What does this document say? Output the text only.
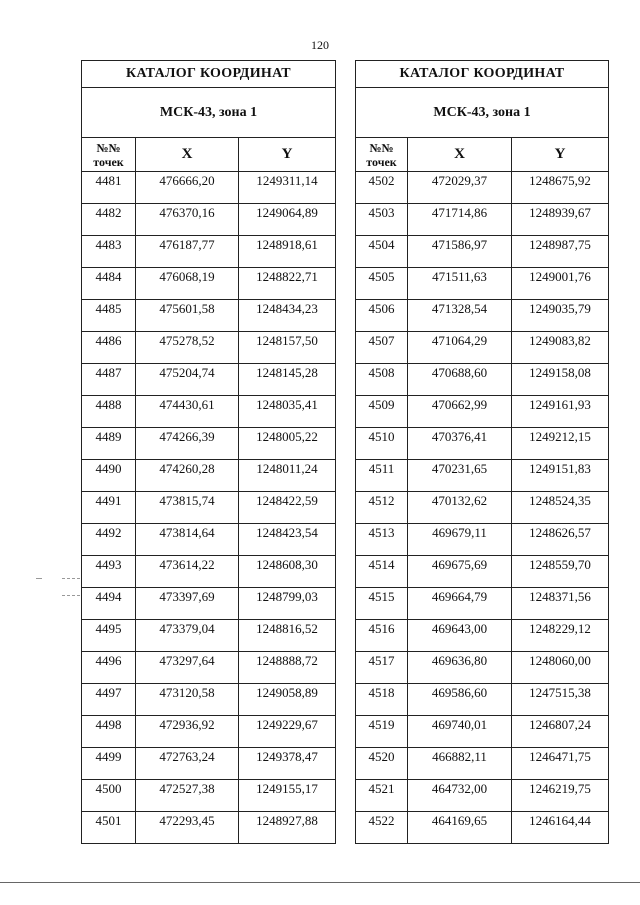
120
КАТАЛОГ КООРДИНАТ		
МСК-43, зона 1		
№№
точек	X	Y
4481	476666,20	1249311,14
4482	476370,16	1249064,89
4483	476187,77	1248918,61
4484	476068,19	1248822,71
4485	475601,58	1248434,23
4486	475278,52	1248157,50
4487	475204,74	1248145,28
4488	474430,61	1248035,41
4489	474266,39	1248005,22
4490	474260,28	1248011,24
4491	473815,74	1248422,59
4492	473814,64	1248423,54
4493	473614,22	1248608,30
4494	473397,69	1248799,03
4495	473379,04	1248816,52
4496	473297,64	1248888,72
4497	473120,58	1249058,89
4498	472936,92	1249229,67
4499	472763,24	1249378,47
4500	472527,38	1249155,17
4501	472293,45	1248927,88
КАТАЛОГ КООРДИНАТ		
МСК-43, зона 1		
№№
точек	X	Y
4502	472029,37	1248675,92
4503	471714,86	1248939,67
4504	471586,97	1248987,75
4505	471511,63	1249001,76
4506	471328,54	1249035,79
4507	471064,29	1249083,82
4508	470688,60	1249158,08
4509	470662,99	1249161,93
4510	470376,41	1249212,15
4511	470231,65	1249151,83
4512	470132,62	1248524,35
4513	469679,11	1248626,57
4514	469675,69	1248559,70
4515	469664,79	1248371,56
4516	469643,00	1248229,12
4517	469636,80	1248060,00
4518	469586,60	1247515,38
4519	469740,01	1246807,24
4520	466882,11	1246471,75
4521	464732,00	1246219,75
4522	464169,65	1246164,44
